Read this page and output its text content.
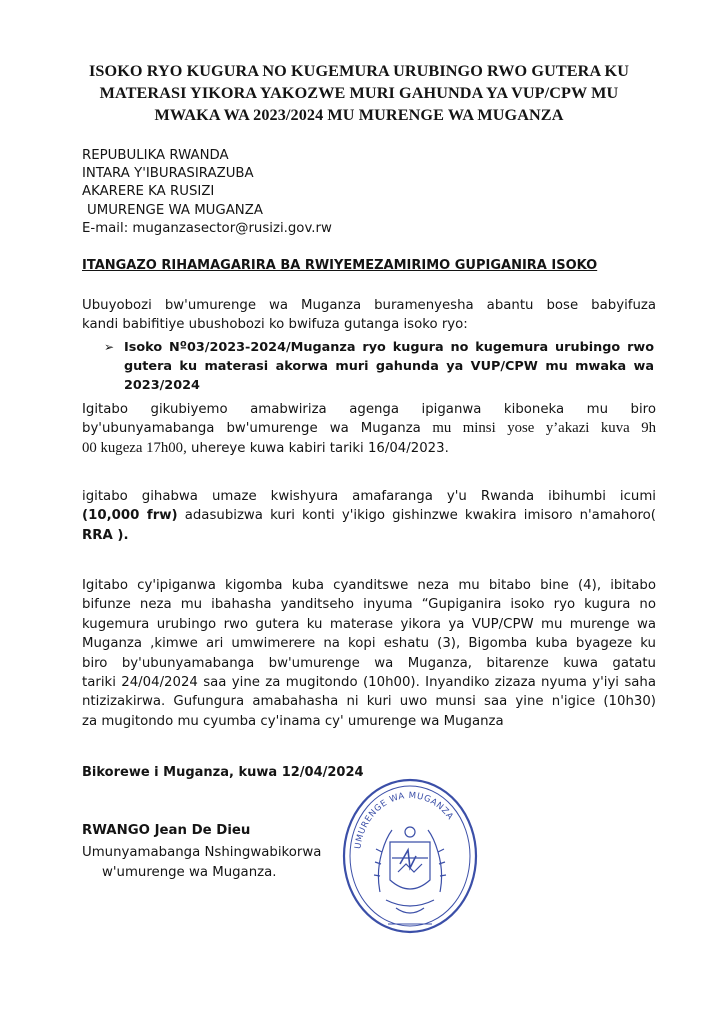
ISOKO RYO KUGURA NO KUGEMURA URUBINGO RWO GUTERA KU
MATERASI YIKORA YAKOZWE MURI GAHUNDA YA VUP/CPW MU
MWAKA WA 2023/2024 MU MURENGE WA MUGANZA
REPUBULIKA RWANDA
INTARA Y'IBURASIRAZUBA
AKARERE KA RUSIZI
UMURENGE WA MUGANZA
E-mail: muganzasector@rusizi.gov.rw
ITANGAZO RIHAMAGARIRA BA RWIYEMEZAMIRIMO GUPIGANIRA ISOKO

Ubuyobozi bw'umurenge wa Muganza buramenyesha abantu bose babyifuza
kandi babifitiye ubushobozi ko bwifuza gutanga isoko ryo:

➢ Isoko Nº03/2023-2024/Muganza ryo kugura no kugemura urubingo rwo
gutera ku materasi akorwa muri gahunda ya VUP/CPW mu mwaka wa
2023/2024

Igitabo gikubiyemo amabwiriza agenga ipiganwa kiboneka mu biro
by'ubunyamabanga bw'umurenge wa Muganza mu minsi yose y’akazi kuva 9h
00 kugeza 17h00, uhereye kuwa kabiri tariki 16/04/2023.

igitabo gihabwa umaze kwishyura amafaranga y'u Rwanda ibihumbi icumi
(10,000 frw) adasubizwa kuri konti y'ikigo gishinzwe kwakira imisoro n'amahoro(
RRA ).

Igitabo cy'ipiganwa kigomba kuba cyanditswe neza mu bitabo bine (4), ibitabo
bifunze neza mu ibahasha yanditseho inyuma “Gupiganira isoko ryo kugura no
kugemura urubingo rwo gutera ku materase yikora ya VUP/CPW mu murenge wa
Muganza ,kimwe ari umwimerere na kopi eshatu (3), Bigomba kuba byageze ku
biro by'ubunyamabanga bw'umurenge wa Muganza, bitarenze kuwa gatatu
tariki 24/04/2024 saa yine za mugitondo (10h00). Inyandiko zizaza nyuma y'iyi saha
ntizizakirwa. Gufungura amabahasha ni kuri uwo munsi saa yine n'igice (10h30)
za mugitondo mu cyumba cy'inama cy' umurenge wa Muganza

Bikorewe i Muganza, kuwa 12/04/2024
RWANGO Jean De Dieu
Umunyamabanga Nshingwabikorwa
w'umurenge wa Muganza.
UMURENGE WA MUGANZA
